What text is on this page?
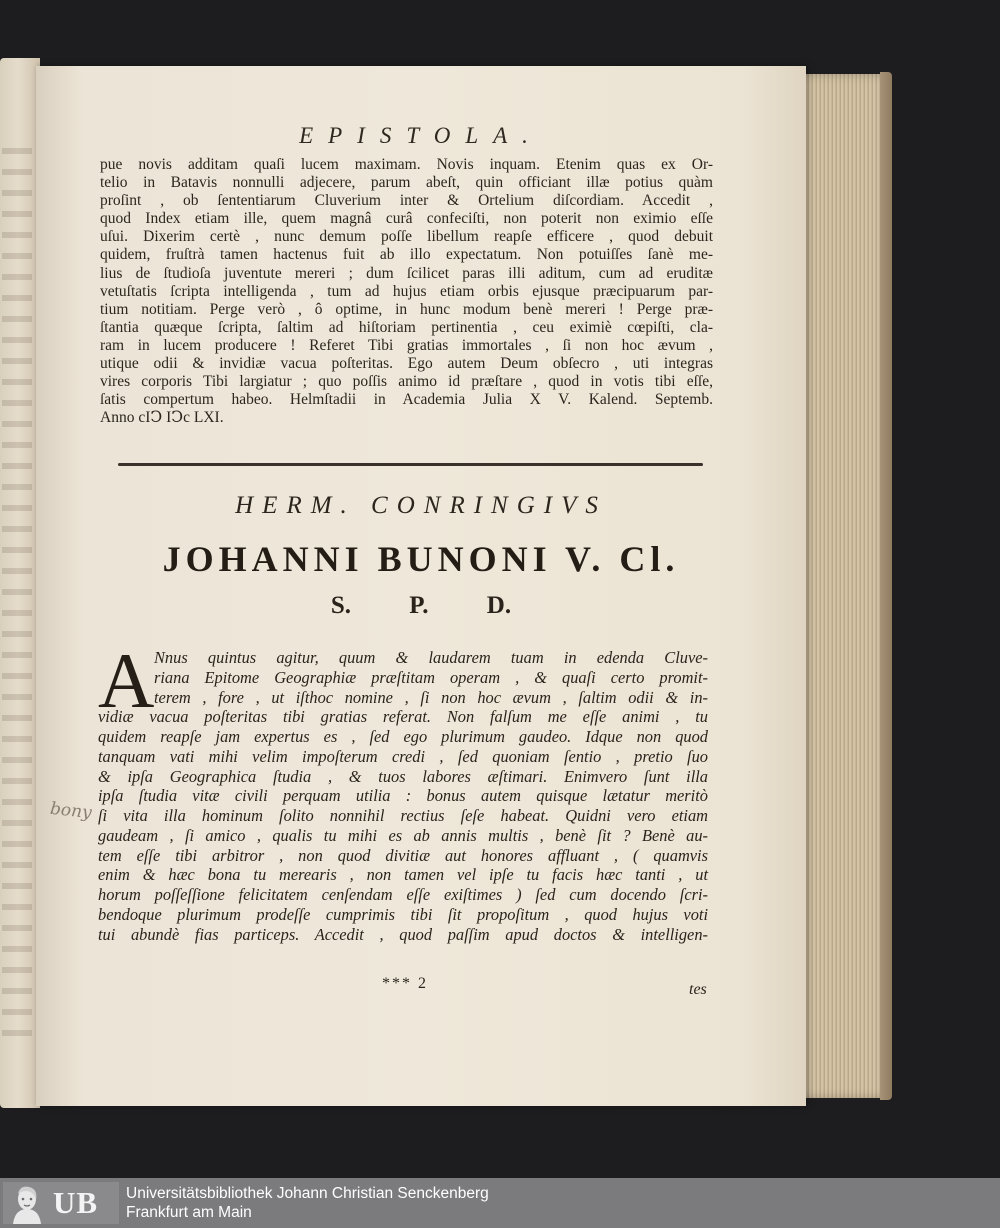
EPISTOLA.
pue novis additam quaſi lucem maximam. Novis inquam. Etenim quas ex Or-
telio in Batavis nonnulli adjecere, parum abeſt, quin officiant illæ potius quàm
proſint , ob ſententiarum Cluverium inter & Ortelium diſcordiam. Accedit ,
quod Index etiam ille, quem magnâ curâ confeciſti, non poterit non eximio eſſe
uſui. Dixerim certè , nunc demum poſſe libellum reapſe efficere , quod debuit
quidem, fruſtrà tamen hactenus fuit ab illo expectatum. Non potuiſſes ſanè me-
lius de ſtudioſa juventute mereri ; dum ſcilicet paras illi aditum, cum ad eruditæ
vetuſtatis ſcripta intelligenda , tum ad hujus etiam orbis ejusque præcipuarum par-
tium notitiam. Perge verò , ô optime, in hunc modum benè mereri ! Perge præ-
ſtantia quæque ſcripta, ſaltim ad hiſtoriam pertinentia , ceu eximiè cœpiſti, cla-
ram in lucem producere ! Referet Tibi gratias immortales , ſi non hoc ævum ,
utique odii & invidiæ vacua poſteritas. Ego autem Deum obſecro , uti integras
vires corporis Tibi largiatur ; quo poſſis animo id præſtare , quod in votis tibi eſſe,
ſatis compertum habeo. Helmſtadii in Academia Julia X V. Kalend. Septemb.
Anno cIↃ IↃc LXI.
HERM. CONRINGIVS
JOHANNI BUNONI V. Cl.
S. P. D.
A Nnus quintus agitur, quum & laudarem tuam in edenda Cluve-
riana Epitome Geographiæ præſtitam operam , & quaſi certo promit-
terem , fore , ut iſthoc nomine , ſi non hoc ævum , ſaltim odii & in-
vidiæ vacua poſteritas tibi gratias referat. Non falſum me eſſe animi , tu
quidem reapſe jam expertus es , ſed ego plurimum gaudeo. Idque non quod
tanquam vati mihi velim impoſterum credi , ſed quoniam ſentio , pretio ſuo
& ipſa Geographica ſtudia , & tuos labores æſtimari. Enimvero ſunt illa
ipſa ſtudia vitæ civili perquam utilia : bonus autem quisque lætatur meritò
ſi vita illa hominum ſolito nonnihil rectius ſeſe habeat. Quidni vero etiam
gaudeam , ſi amico , qualis tu mihi es ab annis multis , benè ſit ? Benè au-
tem eſſe tibi arbitror , non quod divitiæ aut honores affluant , ( quamvis
enim & hæc bona tu merearis , non tamen vel ipſe tu facis hæc tanti , ut
horum poſſeſſione felicitatem cenſendam eſſe exiſtimes ) ſed cum docendo ſcri-
bendoque plurimum prodeſſe cumprimis tibi ſit propoſitum , quod hujus voti
tui abundè fias particeps. Accedit , quod paſſim apud doctos & intelligen-
*** 2	tes
bony
UB Universitätsbibliothek Johann Christian Senckenberg
Frankfurt am Main
